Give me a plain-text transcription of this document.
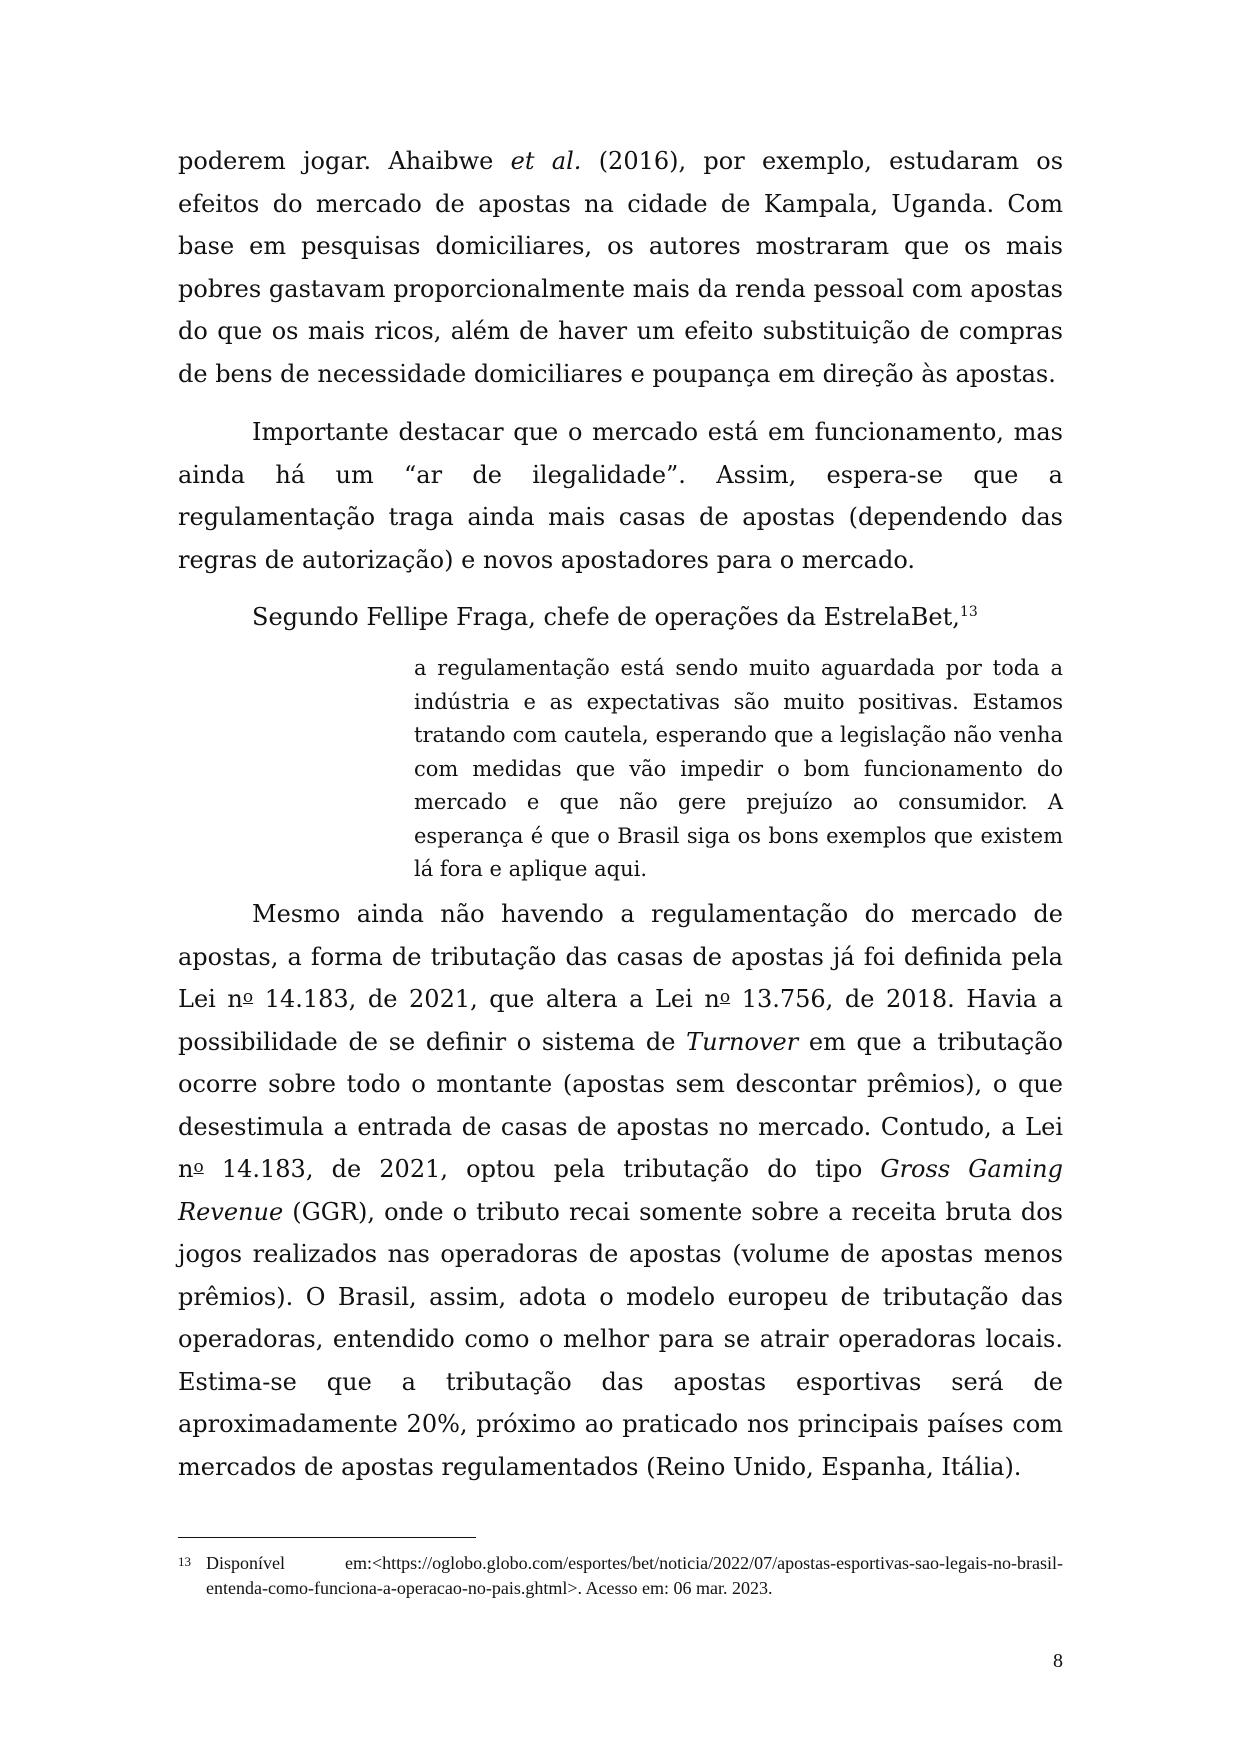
poderem jogar. Ahaibwe et al. (2016), por exemplo, estudaram os efeitos do mercado de apostas na cidade de Kampala, Uganda. Com base em pesquisas domiciliares, os autores mostraram que os mais pobres gastavam proporcionalmente mais da renda pessoal com apostas do que os mais ricos, além de haver um efeito substituição de compras de bens de necessidade domiciliares e poupança em direção às apostas.

Importante destacar que o mercado está em funcionamento, mas ainda há um “ar de ilegalidade”. Assim, espera-se que a regulamentação traga ainda mais casas de apostas (dependendo das regras de autorização) e novos apostadores para o mercado.

Segundo Fellipe Fraga, chefe de operações da EstrelaBet,$^{13}$

a regulamentação está sendo muito aguardada por toda a indústria e as expectativas são muito positivas. Estamos tratando com cautela, esperando que a legislação não venha com medidas que vão impedir o bom funcionamento do mercado e que não gere prejuízo ao consumidor. A esperança é que o Brasil siga os bons exemplos que existem lá fora e aplique aqui.

Mesmo ainda não havendo a regulamentação do mercado de apostas, a forma de tributação das casas de apostas já foi definida pela Lei $n^o$ 14.183, de 2021, que altera a Lei $n^o$ 13.756, de 2018. Havia a possibilidade de se definir o sistema de Turnover em que a tributação ocorre sobre todo o montante (apostas sem descontar prêmios), o que desestimula a entrada de casas de apostas no mercado. Contudo, a Lei $n^o$ 14.183, de 2021, optou pela tributação do tipo Gross Gaming Revenue (GGR), onde o tributo recai somente sobre a receita bruta dos jogos realizados nas operadoras de apostas (volume de apostas menos prêmios). O Brasil, assim, adota o modelo europeu de tributação das operadoras, entendido como o melhor para se atrair operadoras locais. Estima-se que a tributação das apostas esportivas será de aproximadamente 20%, próximo ao praticado nos principais países com mercados de apostas regulamentados (Reino Unido, Espanha, Itália).

13 Disponível em:<https://oglobo.globo.com/esportes/bet/noticia/2022/07/apostas-esportivas-sao-legais-no-brasil-entenda-como-funciona-a-operacao-no-pais.ghtml>. Acesso em: 06 mar. 2023.

8
